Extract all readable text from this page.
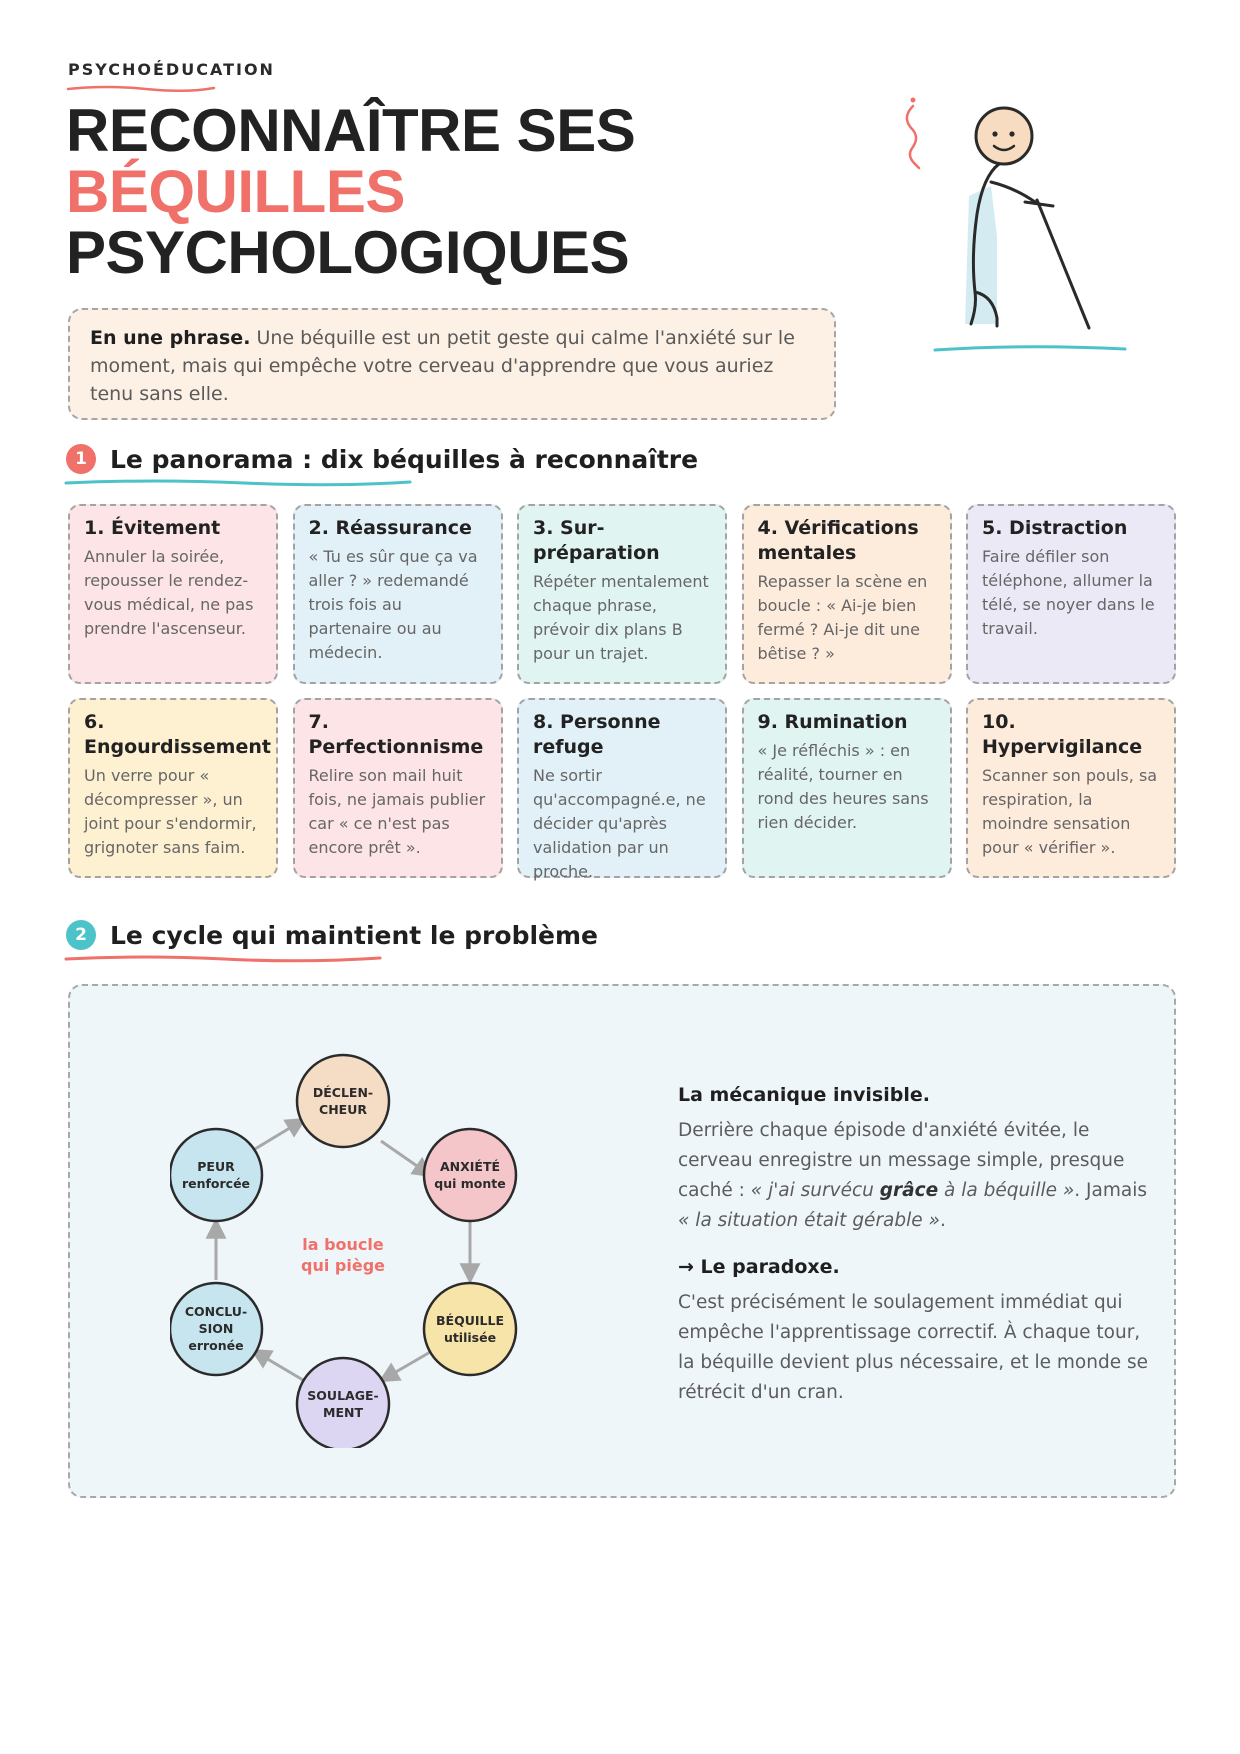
PSYCHOÉDUCATION
RECONNAÎTRE SES
BÉQUILLES
PSYCHOLOGIQUES
En une phrase. Une béquille est un petit geste qui calme l'anxiété sur le moment, mais qui empêche votre cerveau d'apprendre que vous auriez tenu sans elle.
1 Le panorama : dix béquilles à reconnaître
1. Évitement

Annuler la soirée, repousser le rendez-vous médical, ne pas prendre l'ascenseur.

2. Réassurance

« Tu es sûr que ça va aller ? » redemandé trois fois au partenaire ou au médecin.

3. Sur-préparation

Répéter mentalement chaque phrase, prévoir dix plans B pour un trajet.

4. Vérifications mentales

Repasser la scène en boucle : « Ai-je bien fermé ? Ai-je dit une bêtise ? »

5. Distraction

Faire défiler son téléphone, allumer la télé, se noyer dans le travail.

6. Engourdissement

Un verre pour « décompresser », un joint pour s'endormir, grignoter sans faim.

7. Perfectionnisme

Relire son mail huit fois, ne jamais publier car « ce n'est pas encore prêt ».

8. Personne refuge

Ne sortir qu'accompagné.e, ne décider qu'après validation par un proche.

9. Rumination

« Je réfléchis » : en réalité, tourner en rond des heures sans rien décider.

10. Hypervigilance

Scanner son pouls, sa respiration, la moindre sensation pour « vérifier ».

2 Le cycle qui maintient le problème
DÉCLEN-
CHEUR
ANXIÉTÉ
qui monte
BÉQUILLE
utilisée
SOULAGE-
MENT
CONCLU-
SION
erronée
PEUR
renforcée
la boucle
qui piège

La mécanique invisible.

Derrière chaque épisode d'anxiété évitée, le cerveau enregistre un message simple, presque caché : « j'ai survécu grâce à la béquille ». Jamais « la situation était gérable ».

→ Le paradoxe.

C'est précisément le soulagement immédiat qui empêche l'apprentissage correctif. À chaque tour, la béquille devient plus nécessaire, et le monde se rétrécit d'un cran.
